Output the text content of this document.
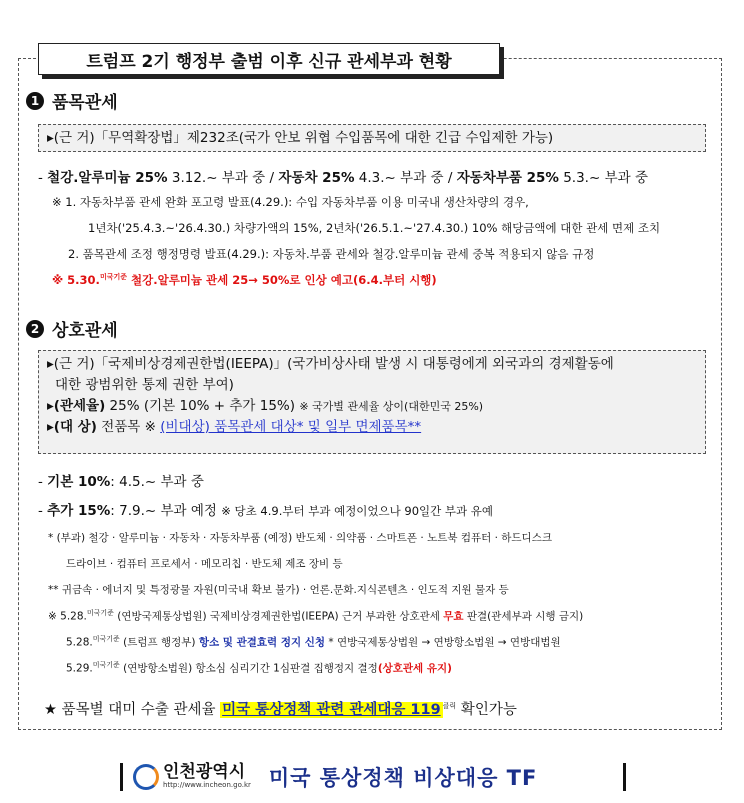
트럼프 2기 행정부 출범 이후 신규 관세부과 현황
1 품목관세
▸(근 거)「무역확장법」제232조(국가 안보 위협 수입품목에 대한 긴급 수입제한 가능)
- 철강.알루미늄 25% 3.12.~ 부과 중 / 자동차 25% 4.3.~ 부과 중 / 자동차부품 25% 5.3.~ 부과 중
※ 1. 자동차부품 관세 완화 포고령 발표(4.29.): 수입 자동차부품 이용 미국내 생산차량의 경우,
1년차('25.4.3.~'26.4.30.) 차량가액의 15%, 2년차('26.5.1.~'27.4.30.) 10% 해당금액에 대한 관세 면제 조치
2. 품목관세 조정 행정명령 발표(4.29.): 자동차.부품 관세와 철강.알루미늄 관세 중복 적용되지 않음 규정
※ 5.30.$^{미국기준}$ 철강.알루미늄 관세 25→ 50%로 인상 예고(6.4.부터 시행)
2 상호관세
▸(근 거)「국제비상경제권한법(IEEPA)」(국가비상사태 발생 시 대통령에게 외국과의 경제활동에
대한 광범위한 통제 권한 부여)
▸(관세율) 25% (기본 10% + 추가 15%) ※ 국가별 관세율 상이(대한민국 25%)
▸(대 상) 전품목 ※ (비대상) 품목관세 대상* 및 일부 면제품목**
- 기본 10%: 4.5.~ 부과 중
- 추가 15%: 7.9.~ 부과 예정 ※ 당초 4.9.부터 부과 예정이었으나 90일간 부과 유예
* (부과) 철강 · 알루미늄 · 자동차 · 자동차부품 (예정) 반도체 · 의약품 · 스마트폰 · 노트북 컴퓨터 · 하드디스크
드라이브 · 컴퓨터 프로세서 · 메모리칩 · 반도체 제조 장비 등
** 귀금속 · 에너지 및 특정광물 자원(미국내 확보 불가) · 언론.문화.지식콘텐츠 · 인도적 지원 물자 등
※ 5.28.$^{미국기준}$ (연방국제통상법원) 국제비상경제권한법(IEEPA) 근거 부과한 상호관세 무효 판결(관세부과 시행 금지)
5.28.$^{미국기준}$ (트럼프 행정부) 항소 및 관결효력 정지 신청 * 연방국제통상법원 → 연방항소법원 → 연방대법원
5.29.$^{미국기준}$ (연방항소법원) 항소심 심리기간 1심판결 집행정지 결정(상호관세 유지)
★ 품목별 대미 수출 관세율 미국 통상정책 관련 관세대응 119 $^{클릭}$ 확인가능
인천광역시
http://www.incheon.go.kr 미국 통상정책 비상대응 TF
